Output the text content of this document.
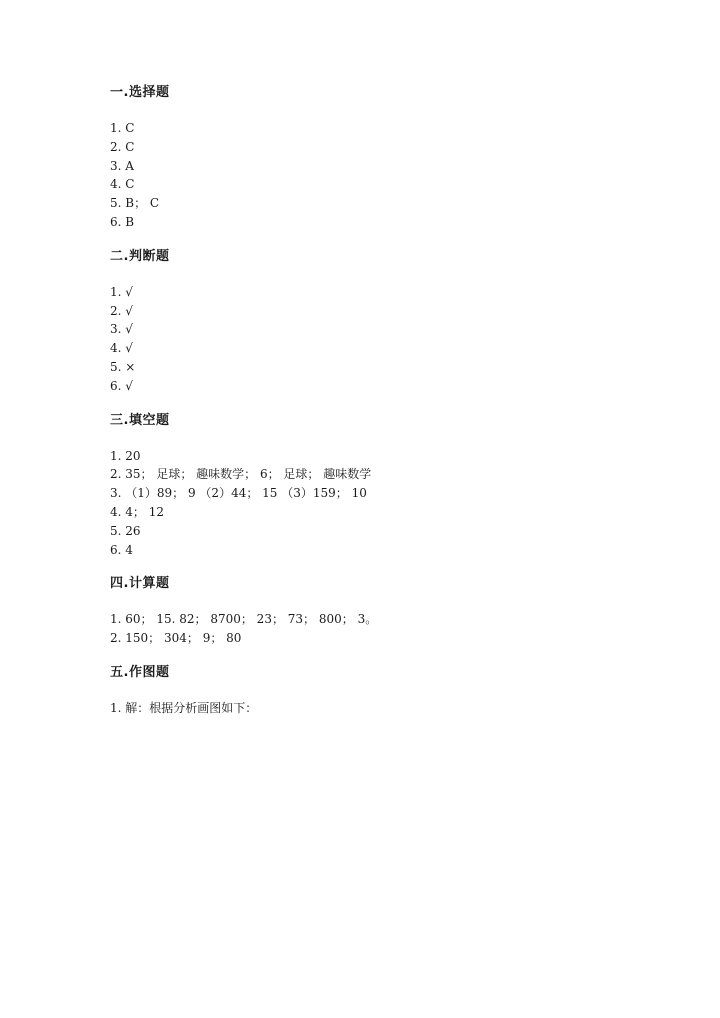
一.选择题
1. C
2. C
3. A
4. C
5. B； C
6. B
二.判断题
1. √
2. √
3. √
4. √
5. ×
6. √
三.填空题
1. 20
2. 35； 足球； 趣味数学； 6； 足球； 趣味数学
3. （1）89； 9 （2）44； 15 （3）159； 10
4. 4； 12
5. 26
6. 4
四.计算题
1. 60； 15. 82； 8700； 23； 73； 800； 3。
2. 150； 304； 9； 80
五.作图题
1. 解：根据分析画图如下：
